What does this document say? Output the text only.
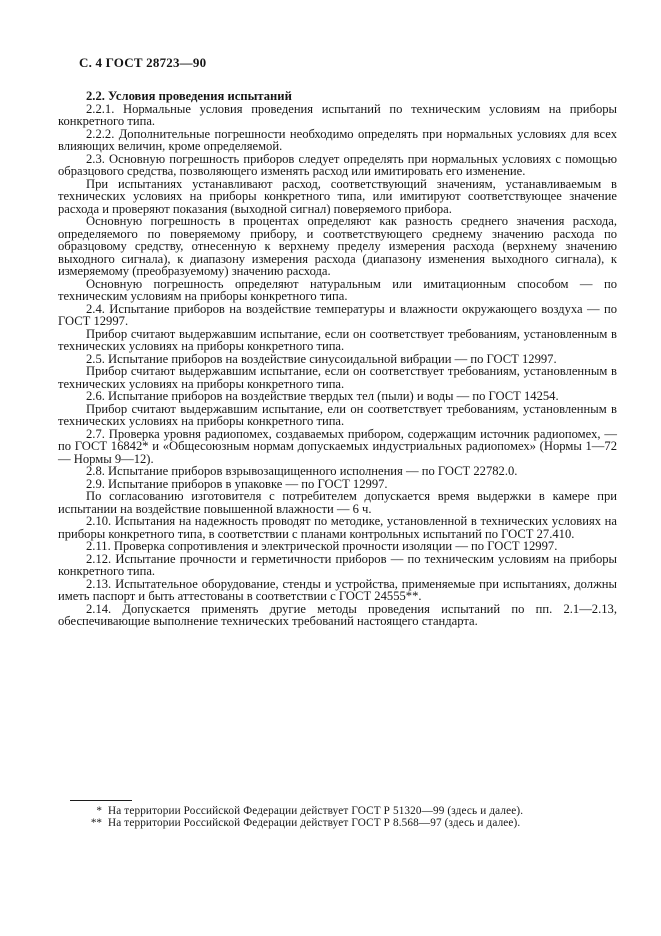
С. 4 ГОСТ 28723—90

2.2. Условия проведения испытаний

2.2.1. Нормальные условия проведения испытаний по техническим условиям на приборы конкретного типа.

2.2.2. Дополнительные погрешности необходимо определять при нормальных условиях для всех влияющих величин, кроме определяемой.

2.3. Основную погрешность приборов следует определять при нормальных условиях с помощью образцового средства, позволяющего изменять расход или имитировать его изменение.

При испытаниях устанавливают расход, соответствующий значениям, устанавливаемым в технических условиях на приборы конкретного типа, или имитируют соответствующее значение расхода и проверяют показания (выходной сигнал) поверяемого прибора.

Основную погрешность в процентах определяют как разность среднего значения расхода, определяемого по поверяемому прибору, и соответствующего среднему значению расхода по образцовому средству, отнесенную к верхнему пределу измерения расхода (верхнему значению выходного сигнала), к диапазону измерения расхода (диапазону изменения выходного сигнала), к измеряемому (преобразуемому) значению расхода.

Основную погрешность определяют натуральным или имитационным способом — по техническим условиям на приборы конкретного типа.

2.4. Испытание приборов на воздействие температуры и влажности окружающего воздуха — по ГОСТ 12997.

Прибор считают выдержавшим испытание, если он соответствует требованиям, установленным в технических условиях на приборы конкретного типа.

2.5. Испытание приборов на воздействие синусоидальной вибрации — по ГОСТ 12997.

Прибор считают выдержавшим испытание, если он соответствует требованиям, установленным в технических условиях на приборы конкретного типа.

2.6. Испытание приборов на воздействие твердых тел (пыли) и воды — по ГОСТ 14254.

Прибор считают выдержавшим испытание, ели он соответствует требованиям, установленным в технических условиях на приборы конкретного типа.

2.7. Проверка уровня радиопомех, создаваемых прибором, содержащим источник радиопомех, — по ГОСТ 16842* и «Общесоюзным нормам допускаемых индустриальных радиопомех» (Нормы 1—72 — Нормы 9—12).

2.8. Испытание приборов взрывозащищенного исполнения — по ГОСТ 22782.0.

2.9. Испытание приборов в упаковке — по ГОСТ 12997.

По согласованию изготовителя с потребителем допускается время выдержки в камере при испытании на воздействие повышенной влажности — 6 ч.

2.10. Испытания на надежность проводят по методике, установленной в технических условиях на приборы конкретного типа, в соответствии с планами контрольных испытаний по ГОСТ 27.410.

2.11. Проверка сопротивления и электрической прочности изоляции — по ГОСТ 12997.

2.12. Испытание прочности и герметичности приборов — по техническим условиям на приборы конкретного типа.

2.13. Испытательное оборудование, стенды и устройства, применяемые при испытаниях, должны иметь паспорт и быть аттестованы в соответствии с ГОСТ 24555**.

2.14. Допускается применять другие методы проведения испытаний по пп. 2.1—2.13, обеспечивающие выполнение технических требований настоящего стандарта.

* На территории Российской Федерации действует ГОСТ Р 51320—99 (здесь и далее).
** На территории Российской Федерации действует ГОСТ Р 8.568—97 (здесь и далее).
